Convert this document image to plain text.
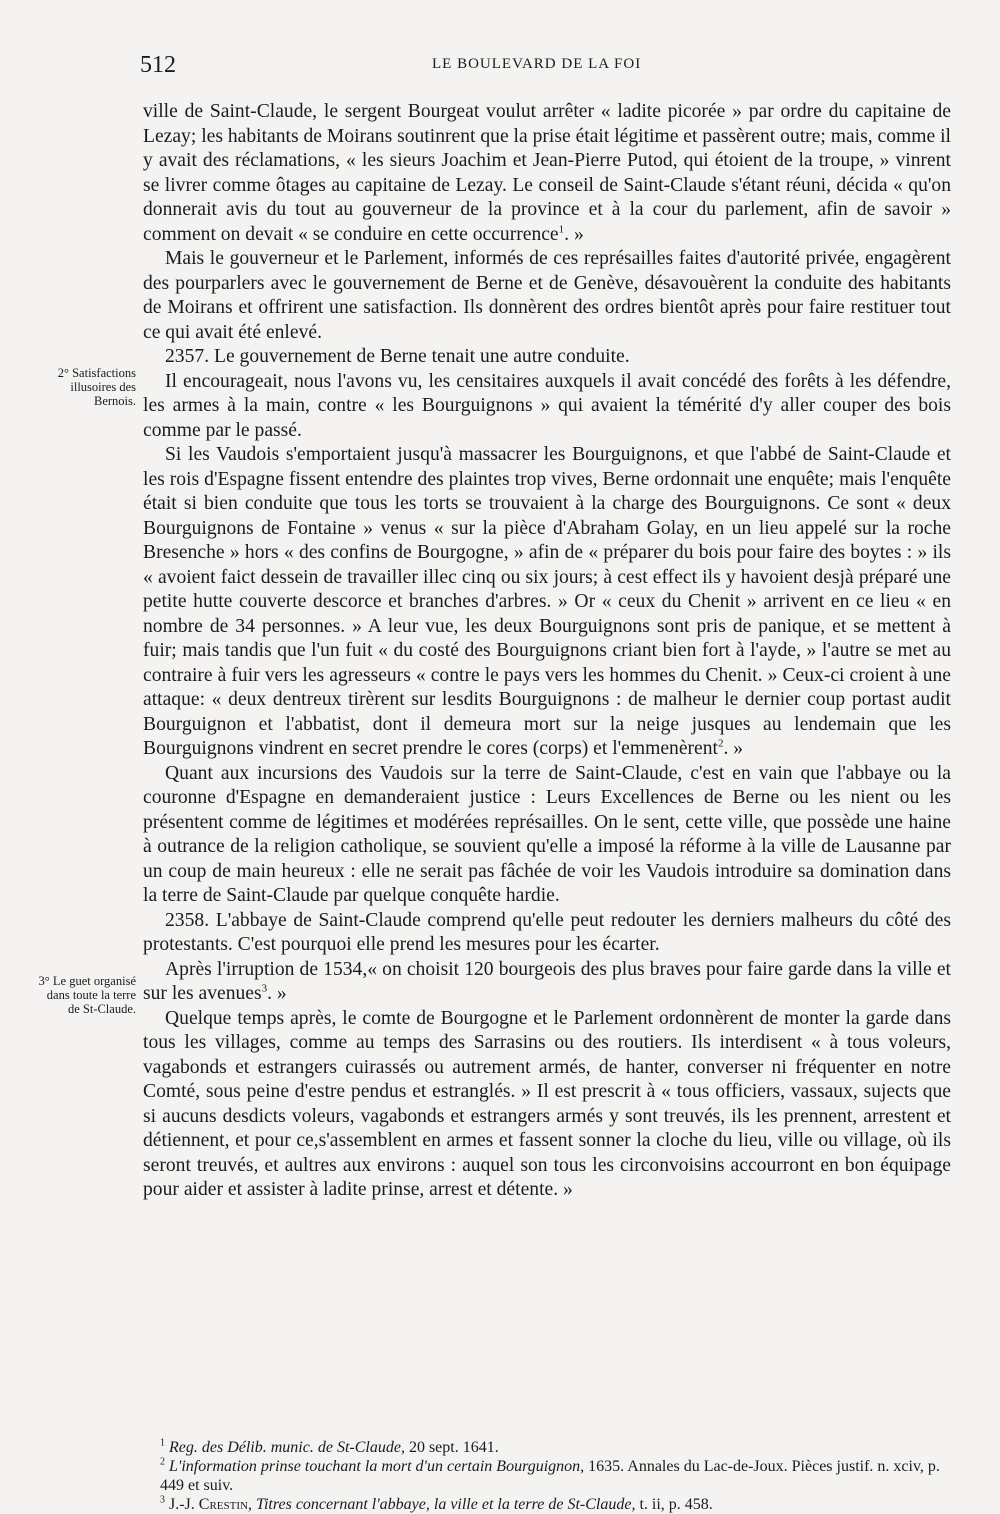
512	LE BOULEVARD DE LA FOI
2° Satisfactions illusoires des Bernois.
3° Le guet organisé dans toute la terre de St-Claude.

ville de Saint-Claude, le sergent Bourgeat voulut arrêter « ladite picorée » par ordre du capitaine de Lezay; les habitants de Moirans soutinrent que la prise était légitime et passèrent outre; mais, comme il y avait des réclamations, « les sieurs Joachim et Jean-Pierre Putod, qui étoient de la troupe, » vinrent se livrer comme ôtages au capitaine de Lezay. Le conseil de Saint-Claude s'étant réuni, décida « qu'on donnerait avis du tout au gouverneur de la province et à la cour du parlement, afin de savoir » comment on devait « se conduire en cette occurrence$^1$. »

Mais le gouverneur et le Parlement, informés de ces représailles faites d'autorité privée, engagèrent des pourparlers avec le gouvernement de Berne et de Genève, désavouèrent la conduite des habitants de Moirans et offrirent une satisfaction. Ils donnèrent des ordres bientôt après pour faire restituer tout ce qui avait été enlevé.

2357. Le gouvernement de Berne tenait une autre conduite.

Il encourageait, nous l'avons vu, les censitaires auxquels il avait concédé des forêts à les défendre, les armes à la main, contre « les Bourguignons » qui avaient la témérité d'y aller couper des bois comme par le passé.

Si les Vaudois s'emportaient jusqu'à massacrer les Bourguignons, et que l'abbé de Saint-Claude et les rois d'Espagne fissent entendre des plaintes trop vives, Berne ordonnait une enquête; mais l'enquête était si bien conduite que tous les torts se trouvaient à la charge des Bourguignons. Ce sont « deux Bourguignons de Fontaine » venus « sur la pièce d'Abraham Golay, en un lieu appelé sur la roche Bresenche » hors « des confins de Bourgogne, » afin de « préparer du bois pour faire des boytes : » ils « avoient faict dessein de travailler illec cinq ou six jours; à cest effect ils y havoient desjà préparé une petite hutte couverte descorce et branches d'arbres. » Or « ceux du Chenit » arrivent en ce lieu « en nombre de 34 personnes. » A leur vue, les deux Bourguignons sont pris de panique, et se mettent à fuir; mais tandis que l'un fuit « du costé des Bourguignons criant bien fort à l'ayde, » l'autre se met au contraire à fuir vers les agresseurs « contre le pays vers les hommes du Chenit. » Ceux-ci croient à une attaque: « deux dentreux tirèrent sur lesdits Bourguignons : de malheur le dernier coup portast audit Bourguignon et l'abbatist, dont il demeura mort sur la neige jusques au lendemain que les Bourguignons vindrent en secret prendre le cores (corps) et l'emmenèrent$^2$. »

Quant aux incursions des Vaudois sur la terre de Saint-Claude, c'est en vain que l'abbaye ou la couronne d'Espagne en demanderaient justice : Leurs Excellences de Berne ou les nient ou les présentent comme de légitimes et modérées représailles. On le sent, cette ville, que possède une haine à outrance de la religion catholique, se souvient qu'elle a imposé la réforme à la ville de Lausanne par un coup de main heureux : elle ne serait pas fâchée de voir les Vaudois introduire sa domination dans la terre de Saint-Claude par quelque conquête hardie.

2358. L'abbaye de Saint-Claude comprend qu'elle peut redouter les derniers malheurs du côté des protestants. C'est pourquoi elle prend les mesures pour les écarter.

Après l'irruption de 1534,« on choisit 120 bourgeois des plus braves pour faire garde dans la ville et sur les avenues$^3$. »

Quelque temps après, le comte de Bourgogne et le Parlement ordonnèrent de monter la garde dans tous les villages, comme au temps des Sarrasins ou des routiers. Ils interdisent « à tous voleurs, vagabonds et estrangers cuirassés ou autrement armés, de hanter, converser ni fréquenter en notre Comté, sous peine d'estre pendus et estranglés. » Il est prescrit à « tous officiers, vassaux, sujects que si aucuns desdicts voleurs, vagabonds et estrangers armés y sont treuvés, ils les prennent, arrestent et détiennent, et pour ce,s'assemblent en armes et fassent sonner la cloche du lieu, ville ou village, où ils seront treuvés, et aultres aux environs : auquel son tous les circonvoisins accourront en bon équipage pour aider et assister à ladite prinse, arrest et détente. »

$^1$ Reg. des Délib. munic. de St-Claude, 20 sept. 1641.

$^2$ L'information prinse touchant la mort d'un certain Bourguignon, 1635. Annales du Lac-de-Joux. Pièces justif. n. xciv, p. 449 et suiv.

$^3$ J.-J. Crestin, Titres concernant l'abbaye, la ville et la terre de St-Claude, t. ii, p. 458.
